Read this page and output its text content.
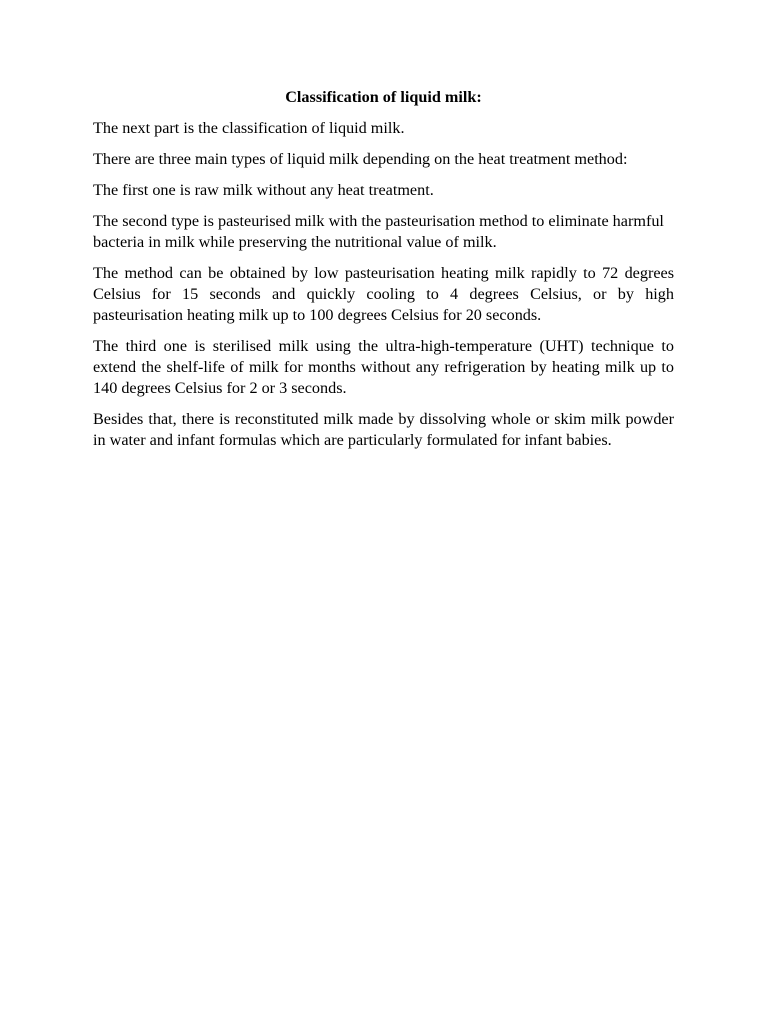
Classification of liquid milk:

The next part is the classification of liquid milk.

There are three main types of liquid milk depending on the heat treatment method:

The first one is raw milk without any heat treatment.

The second type is pasteurised milk with the pasteurisation method to eliminate harmful bacteria in milk while preserving the nutritional value of milk.

The method can be obtained by low pasteurisation heating milk rapidly to 72 degrees Celsius for 15 seconds and quickly cooling to 4 degrees Celsius, or by high pasteurisation heating milk up to 100 degrees Celsius for 20 seconds.

The third one is sterilised milk using the ultra-high-temperature (UHT) technique to extend the shelf-life of milk for months without any refrigeration by heating milk up to 140 degrees Celsius for 2 or 3 seconds.

Besides that, there is reconstituted milk made by dissolving whole or skim milk powder in water and infant formulas which are particularly formulated for infant babies.
